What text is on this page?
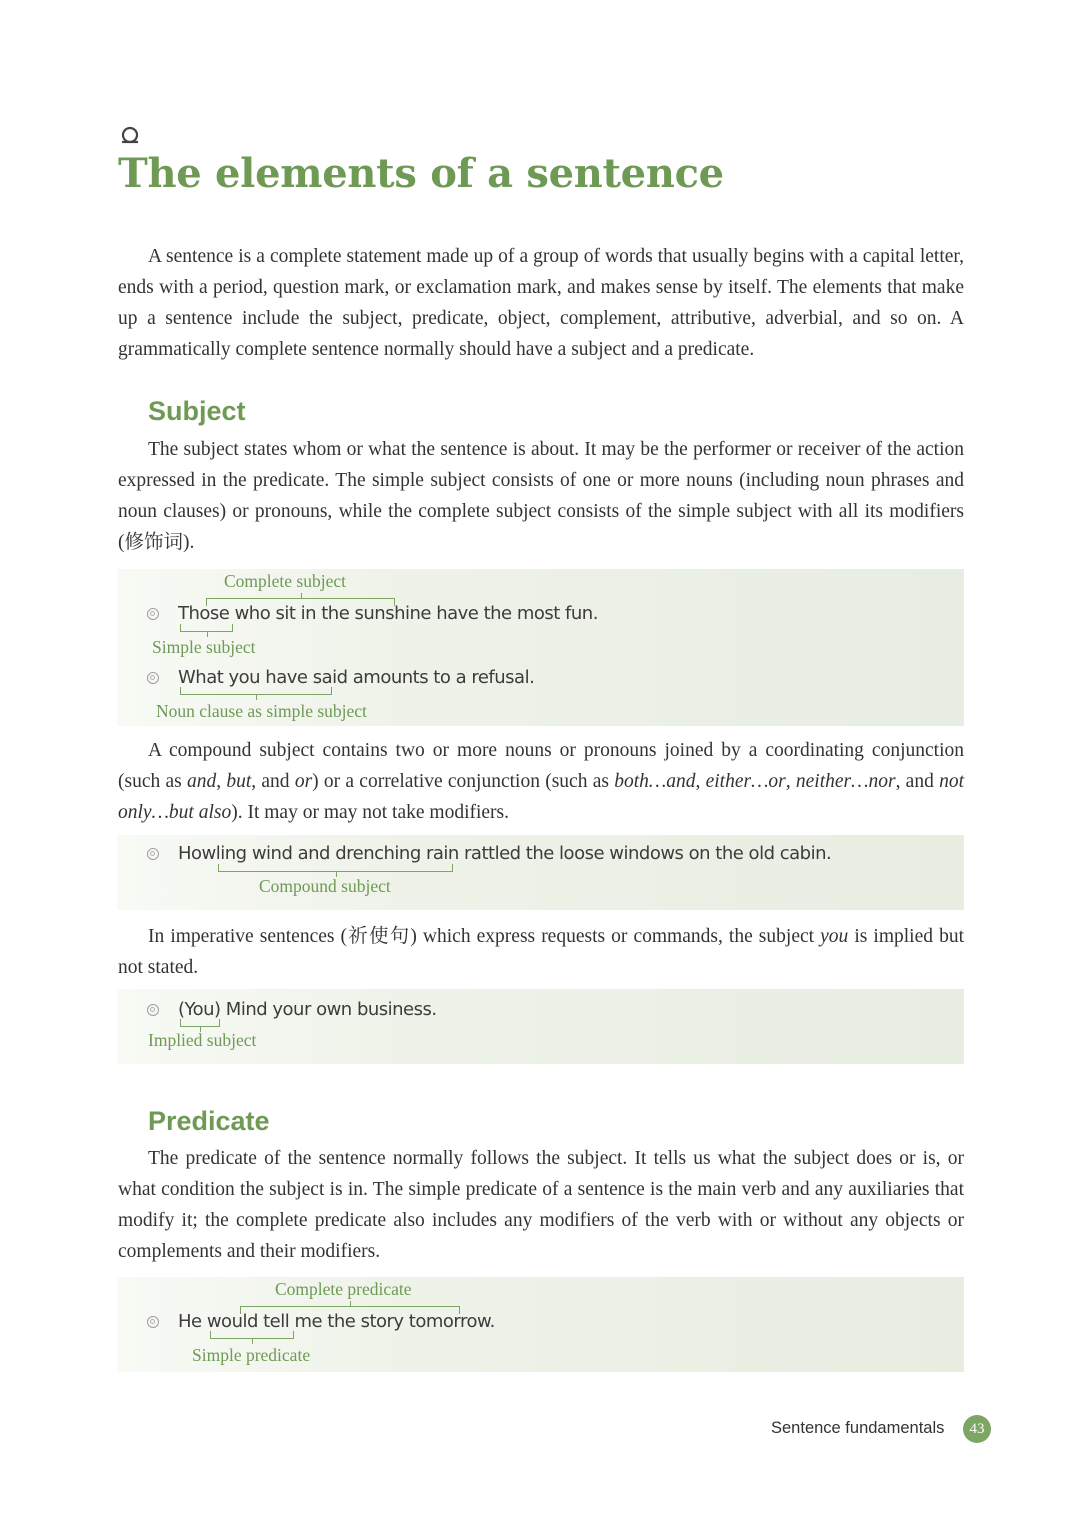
The elements of a sentence

A sentence is a complete statement made up of a group of words that usually begins with a capital letter, ends with a period, question mark, or exclamation mark, and makes sense by itself. The elements that make up a sentence include the subject, predicate, object, complement, attributive, adverbial, and so on. A grammatically complete sentence normally should have a subject and a predicate.

Subject

The subject states whom or what the sentence is about. It may be the performer or receiver of the action expressed in the predicate. The simple subject consists of one or more nouns (including noun phrases and noun clauses) or pronouns, while the complete subject consists of the simple subject with all its modifiers (修饰词).

Complete subject
Those who sit in the sunshine have the most fun.
Simple subject
What you have said amounts to a refusal.
Noun clause as simple subject

A compound subject contains two or more nouns or pronouns joined by a coordinating conjunction (such as and, but, and or) or a correlative conjunction (such as both…and, either…or, neither…nor, and not only…but also). It may or may not take modifiers.

Howling wind and drenching rain rattled the loose windows on the old cabin.
Compound subject

In imperative sentences (祈使句) which express requests or commands, the subject you is implied but not stated.

(You) Mind your own business.
Implied subject
Predicate

The predicate of the sentence normally follows the subject. It tells us what the subject does or is, or what condition the subject is in. The simple predicate of a sentence is the main verb and any auxiliaries that modify it; the complete predicate also includes any modifiers of the verb with or without any objects or complements and their modifiers.

Complete predicate
He would tell me the story tomorrow.
Simple predicate
Sentence fundamentals	43
